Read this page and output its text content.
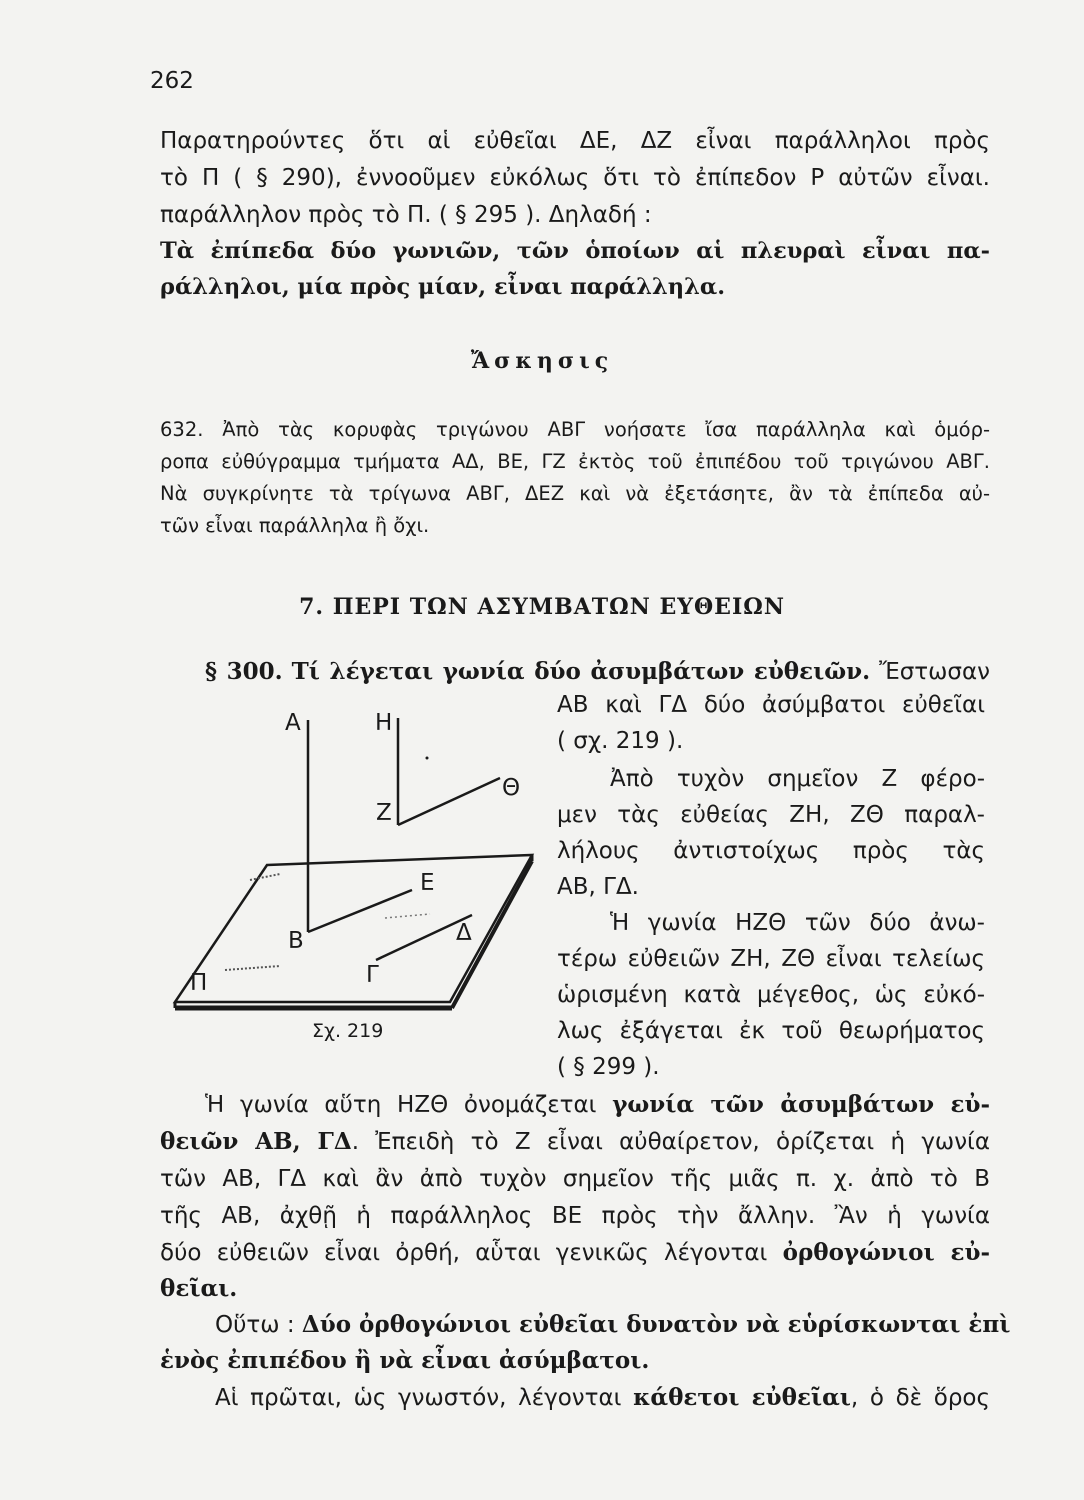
262
Παρατηρούντες ὅτι αἱ εὐθεῖαι ΔΕ, ΔΖ εἶναι παράλληλοι πρὸς
τὸ Π ( § 290), ἐννοοῦμεν εὐκόλως ὅτι τὸ ἐπίπεδον Ρ αὐτῶν εἶναι.
παράλληλον πρὸς τὸ Π. ( § 295 ). Δηλαδή :
Τὰ ἐπίπεδα δύο γωνιῶν, τῶν ὁποίων αἱ πλευραὶ εἶναι πα-
ράλληλοι, μία πρὸς μίαν, εἶναι παράλληλα.
Ἄσκησις
632. Ἀπὸ τὰς κορυφὰς τριγώνου ΑΒΓ νοήσατε ἴσα παράλληλα καὶ ὁμόρ-
ροπα εὐθύγραμμα τμήματα ΑΔ, ΒΕ, ΓΖ ἐκτὸς τοῦ ἐπιπέδου τοῦ τριγώνου ΑΒΓ.
Νὰ συγκρίνητε τὰ τρίγωνα ΑΒΓ, ΔΕΖ καὶ νὰ ἐξετάσητε, ἂν τὰ ἐπίπεδα αὐ-
τῶν εἶναι παράλληλα ἢ ὄχι.
7. ΠΕΡΙ ΤΩΝ ΑΣΥΜΒΑΤΩΝ ΕΥΘΕΙΩΝ
§ 300. Τί λέγεται γωνία δύο ἀσυμβάτων εὐθειῶν. Ἔστωσαν
ΑΒ καὶ ΓΔ δύο ἀσύμβατοι εὐθεῖαι
( σχ. 219 ).
Ἀπὸ τυχὸν σημεῖον Ζ φέρο-
μεν τὰς εὐθείας ΖΗ, ΖΘ παραλ-
λήλους ἀντιστοίχως πρὸς τὰς
ΑΒ, ΓΔ.
Ἡ γωνία ΗΖΘ τῶν δύο ἀνω-
τέρω εὐθειῶν ΖΗ, ΖΘ εἶναι τελείως
ὡρισμένη κατὰ μέγεθος, ὡς εὐκό-
λως ἐξάγεται ἐκ τοῦ θεωρήματος
( § 299 ).
Α	Η
Ζ
Θ
Ε
Β	Δ
Π	Γ
Σχ. 219
Ἡ γωνία αὕτη ΗΖΘ ὀνομάζεται γωνία τῶν ἀσυμβάτων εὐ-
θειῶν ΑΒ, ΓΔ. Ἐπειδὴ τὸ Ζ εἶναι αὐθαίρετον, ὁρίζεται ἡ γωνία
τῶν ΑΒ, ΓΔ καὶ ἂν ἀπὸ τυχὸν σημεῖον τῆς μιᾶς π. χ. ἀπὸ τὸ Β
τῆς ΑΒ, ἀχθῇ ἡ παράλληλος ΒΕ πρὸς τὴν ἄλλην. Ἂν ἡ γωνία
δύο εὐθειῶν εἶναι ὀρθή, αὗται γενικῶς λέγονται ὀρθογώνιοι εὐ-
θεῖαι.
Οὕτω : Δύο ὀρθογώνιοι εὐθεῖαι δυνατὸν νὰ εὑρίσκωνται ἐπὶ
ἑνὸς ἐπιπέδου ἢ νὰ εἶναι ἀσύμβατοι.
Αἱ πρῶται, ὡς γνωστόν, λέγονται κάθετοι εὐθεῖαι, ὁ δὲ ὅρος
